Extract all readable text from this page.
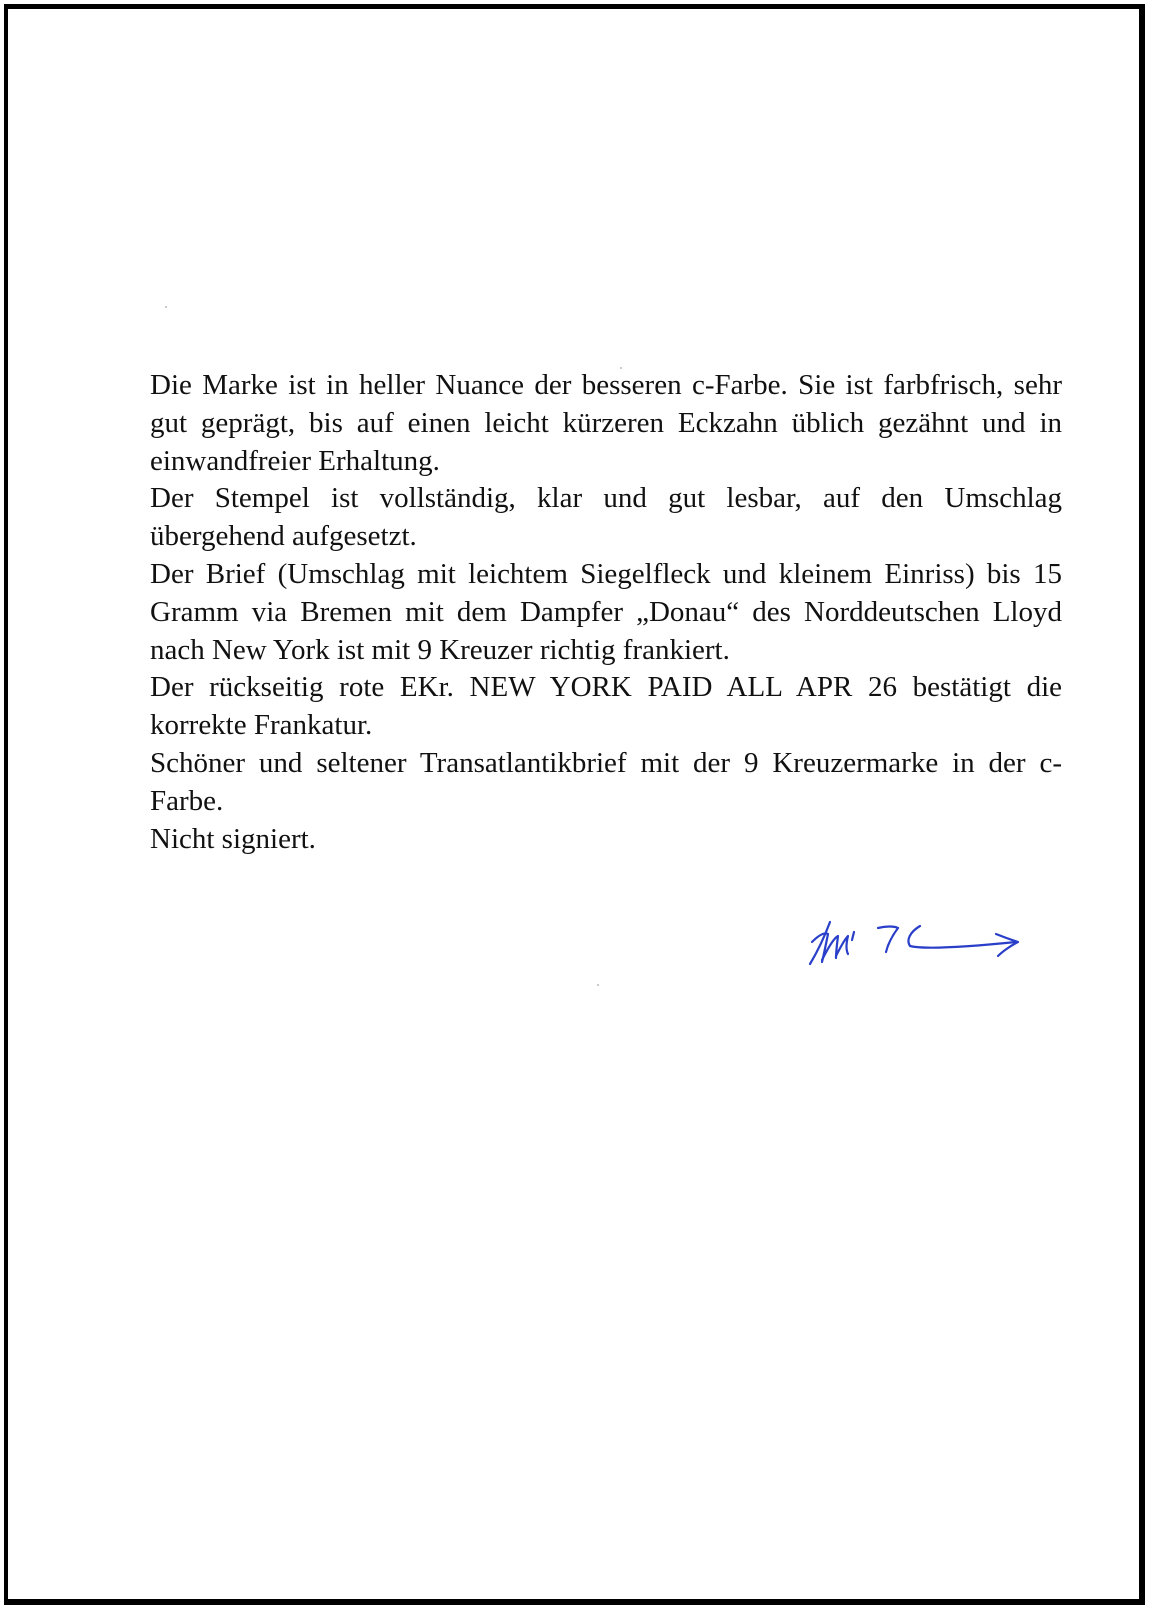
Die Marke ist in heller Nuance der besseren c-Farbe. Sie ist farbfrisch, sehr gut geprägt, bis auf einen leicht kürzeren Eckzahn üblich gezähnt und in einwandfreier Erhaltung.

Der Stempel ist vollständig, klar und gut lesbar, auf den Umschlag übergehend aufgesetzt.

Der Brief (Umschlag mit leichtem Siegelfleck und kleinem Einriss) bis 15 Gramm via Bremen mit dem Dampfer „Donau“ des Norddeutschen Lloyd nach New York ist mit 9 Kreuzer richtig frankiert.

Der rückseitig rote EKr. NEW YORK PAID ALL APR 26 bestätigt die korrekte Frankatur.

Schöner und seltener Transatlantikbrief mit der 9 Kreuzermarke in der c-Farbe.

Nicht signiert.
